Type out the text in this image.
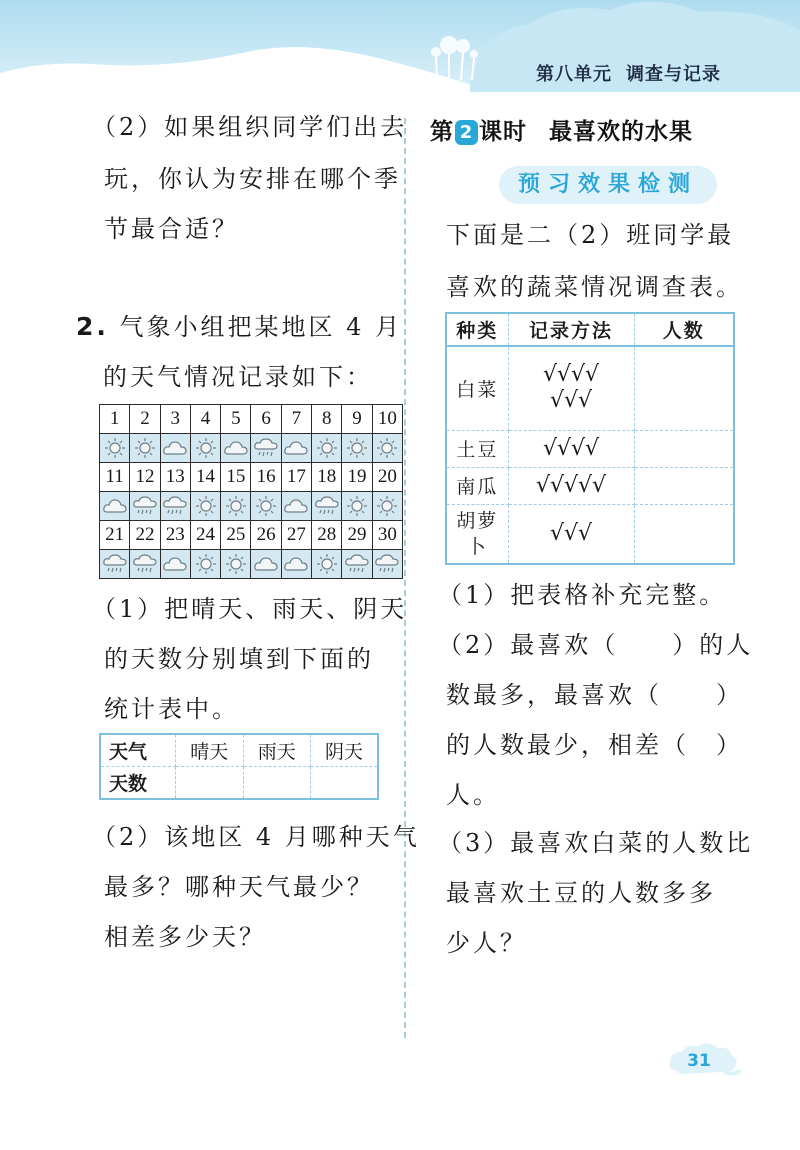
第八单元 调查与记录
（2）如果组织同学们出去
玩，你认为安排在哪个季
节最合适？
2. 气象小组把某地区 4 月
的天气情况记录如下：
1	2	3	4	5	6	7	8	9	10

11	12	13	14	15	16	17	18	19	20

21	22	23	24	25	26	27	28	29	30

（1）把晴天、雨天、阴天
的天数分别填到下面的
统计表中。
天气	晴天	雨天	阴天
天数			
（2）该地区 4 月哪种天气
最多？哪种天气最少？
相差多少天？
第 2 课时 最喜欢的水果
预习效果检测
下面是二（2）班同学最
喜欢的蔬菜情况调查表。
种类	记录方法	人数
白菜	√√√√
√√√	

土豆	√√√√	
南瓜	√√√√√	

胡萝
卜	√√√	
（1）把表格补充完整。
（2）最喜欢（　　）的人
数最多，最喜欢（　　）
的人数最少，相差（　）
人。
（3）最喜欢白菜的人数比
最喜欢土豆的人数多多
少人？
31
